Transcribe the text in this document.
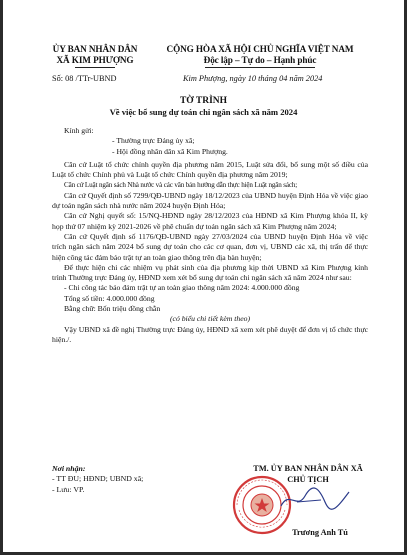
ỦY BAN NHÂN DÂN
XÃ KIM PHƯỢNG
CỘNG HÒA XÃ HỘI CHỦ NGHĨA VIỆT NAM
Độc lập – Tự do – Hạnh phúc
Số: 08 /TTr-UBND	Kim Phượng, ngày 10 tháng 04 năm 2024
TỜ TRÌNH
Về việc bổ sung dự toán chi ngân sách xã năm 2024

Kính gửi:

- Thường trực Đảng ủy xã;

- Hội đồng nhân dân xã Kim Phượng.

Căn cứ Luật tổ chức chính quyền địa phương năm 2015, Luật sửa đổi, bổ sung một số điều của Luật tổ chức Chính phủ và Luật tổ chức Chính quyền địa phương năm 2019;

Căn cứ Luật ngân sách Nhà nước và các văn bản hướng dẫn thực hiện Luật ngân sách;

Căn cứ Quyết định số 7299/QĐ-UBND ngày 18/12/2023 của UBND huyện Định Hóa về việc giao dự toán ngân sách nhà nước năm 2024 huyện Định Hóa;

Căn cứ Nghị quyết số: 15/NQ-HĐND ngày 28/12/2023 của HĐND xã Kim Phượng khóa II, kỳ họp thứ 07 nhiệm kỳ 2021-2026 về phê chuẩn dự toán ngân sách xã Kim Phượng năm 2024;

Căn cứ Quyết định số 1176/QĐ-UBND ngày 27/03/2024 của UBND huyện Định Hóa về việc trích ngân sách năm 2024 bổ sung dự toán cho các cơ quan, đơn vị, UBND các xã, thị trấn để thực hiện công tác đảm bảo trật tự an toàn giao thông trên địa bàn huyện;

Để thực hiện chi các nhiệm vụ phát sinh của địa phương kịp thời UBND xã Kim Phượng kính trình Thường trực Đảng ủy, HĐND xem xét bổ sung dự toán chi ngân sách xã năm 2024 như sau:

- Chi công tác bảo đảm trật tự an toàn giao thông năm 2024: 4.000.000 đồng

Tổng số tiền: 4.000.000 đồng

Bằng chữ: Bốn triệu đồng chẵn

(có biểu chi tiết kèm theo)

Vậy UBND xã đề nghị Thường trực Đảng ủy, HĐND xã xem xét phê duyệt để đơn vị tổ chức thực hiện./.

Nơi nhận:
- TT ĐU; HĐND; UBND xã;
- Lưu: VP.
TM. ỦY BAN NHÂN DÂN XÃ
CHỦ TỊCH
Trương Anh Tú
